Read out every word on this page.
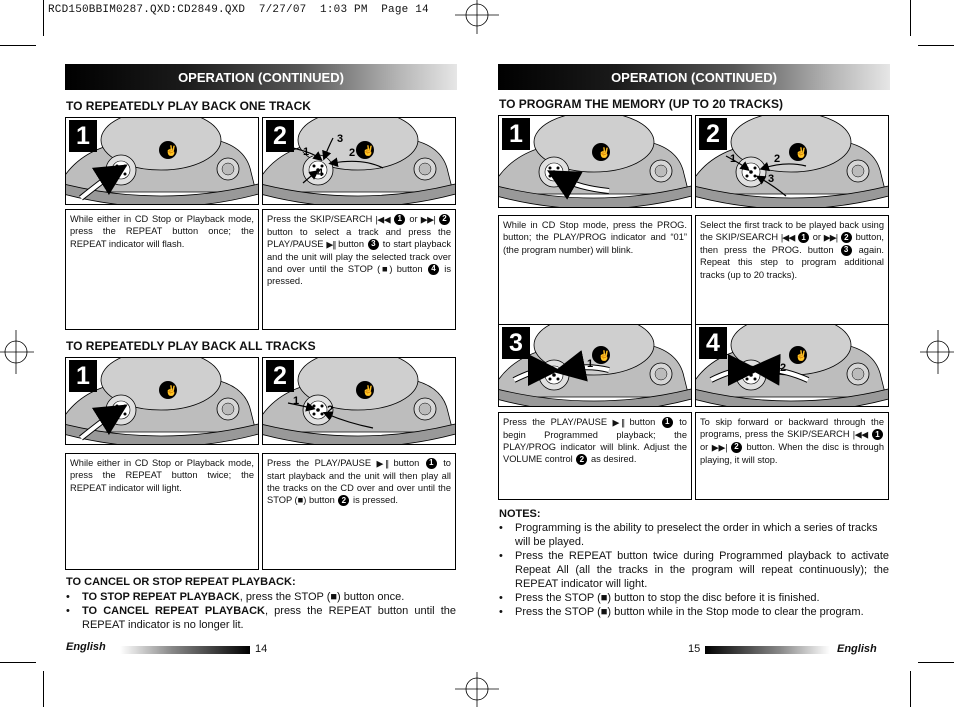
RCD150BBIM0287.QXD:CD2849.QXD  7/27/07  1:03 PM  Page 14
OPERATION (CONTINUED)
TO REPEATEDLY PLAY BACK ONE TRACK
1
1	2
3
4
2
While either in CD Stop or Playback mode, press the REPEAT button once; the REPEAT indicator will flash.
Press the SKIP/SEARCH |◀◀ 1 or ▶▶| 2 button to select a track and press the PLAY/PAUSE ▶|| button 3 to start playback and the unit will play the selected track over and over until the STOP (■) button 4 is pressed.
TO REPEATEDLY PLAY BACK ALL TRACKS
1
1
2
2
While either in CD Stop or Playback mode, press the REPEAT button twice; the REPEAT indicator will light.
Press the PLAY/PAUSE ▶|| button 1 to start playback and the unit will then play all the tracks on the CD over and over until the STOP (■) button 2 is pressed.
TO CANCEL OR STOP REPEAT PLAYBACK:
•	TO STOP REPEAT PLAYBACK, press the STOP (■) button once.
•	TO CANCEL REPEAT PLAYBACK, press the REPEAT button until the REPEAT indicator is no longer lit.
English	14
OPERATION (CONTINUED)
TO PROGRAM THE MEMORY (UP TO 20 TRACKS)
1
1	2
3
2
While in CD Stop mode, press the PROG. button; the PLAY/PROG indicator and “01” (the program number) will blink.
Select the first track to be played back using the SKIP/SEARCH |◀◀ 1 or ▶▶| 2 button, then press the PROG. button 3 again. Repeat this step to program additional tracks (up to 20 tracks).
1
2
3
1	2
4
Press the PLAY/PAUSE ▶|| button 1 to begin Programmed playback; the PLAY/PROG indicator will blink. Adjust the VOLUME control 2 as desired.
To skip forward or backward through the programs, press the SKIP/SEARCH |◀◀ 1 or ▶▶| 2 button. When the disc is through playing, it will stop.
NOTES:
•	Programming is the ability to preselect the order in which a series of tracks will be played.
•	Press the REPEAT button twice during Programmed playback to activate Repeat All (all the tracks in the program will repeat continuously); the REPEAT indicator will light.
•	Press the STOP (■) button to stop the disc before it is finished.
•	Press the STOP (■) button while in the Stop mode to clear the program.
15	English
